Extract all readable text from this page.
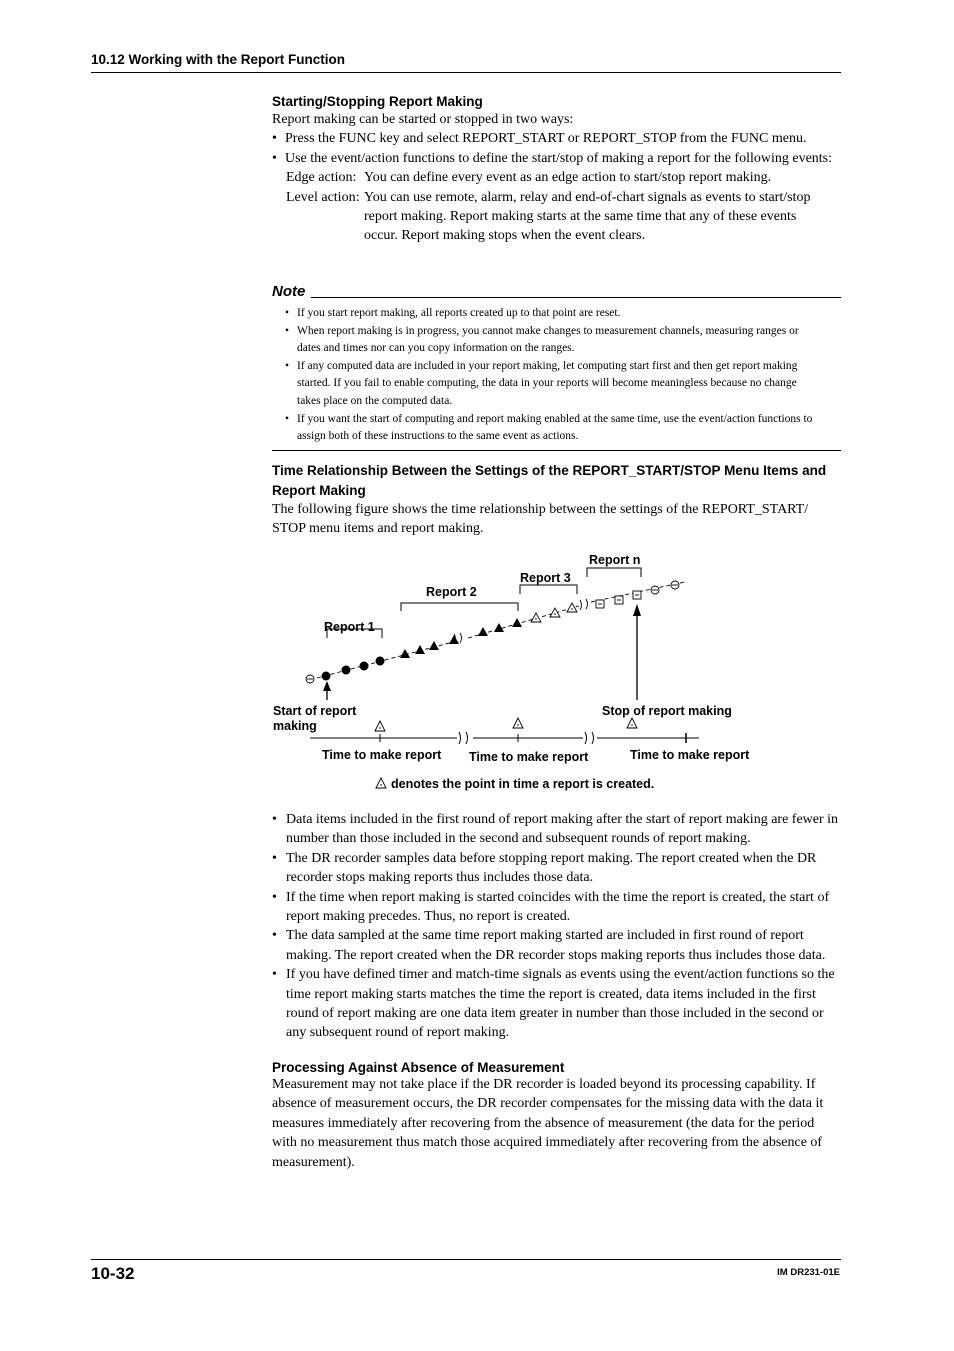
10.12 Working with the Report Function
Starting/Stopping Report Making

Report making can be started or stopped in two ways:

• Press the FUNC key and select REPORT_START or REPORT_STOP from the FUNC menu.

• Use the event/action functions to define the start/stop of making a report for the following events:

Edge action: You can define every event as an edge action to start/stop report making.
Level action: You can use remote, alarm, relay and end-of-chart signals as events to start/stop report making. Report making starts at the same time that any of these events occur. Report making stops when the event clears.
Note
• If you start report making, all reports created up to that point are reset.
• When report making is in progress, you cannot make changes to measurement channels, measuring ranges or dates and times nor can you copy information on the ranges.
• If any computed data are included in your report making, let computing start first and then get report making started. If you fail to enable computing, the data in your reports will become meaningless because no change takes place on the computed data.
• If you want the start of computing and report making enabled at the same time, use the event/action functions to assign both of these instructions to the same event as actions.
Time Relationship Between the Settings of the REPORT_START/STOP Menu Items and Report Making

The following figure shows the time relationship between the settings of the REPORT_START/ STOP menu items and report making.

Report 1
Report 2
Report 3
Report n
Start of report
making
Stop of report making
Time to make report Time to make report	Time to make report
denotes the point in time a report is created.
• Data items included in the first round of report making after the start of report making are fewer in number than those included in the second and subsequent rounds of report making.
• The DR recorder samples data before stopping report making. The report created when the DR recorder stops making reports thus includes those data.
• If the time when report making is started coincides with the time the report is created, the start of report making precedes. Thus, no report is created.
• The data sampled at the same time report making started are included in first round of report making. The report created when the DR recorder stops making reports thus includes those data.
• If you have defined timer and match-time signals as events using the event/action functions so the time report making starts matches the time the report is created, data items included in the first round of report making are one data item greater in number than those included in the second or any subsequent round of report making.
Processing Against Absence of Measurement

Measurement may not take place if the DR recorder is loaded beyond its processing capability. If absence of measurement occurs, the DR recorder compensates for the missing data with the data it measures immediately after recovering from the absence of measurement (the data for the period with no measurement thus match those acquired immediately after recovering from the absence of measurement).

10-32	IM DR231-01E
